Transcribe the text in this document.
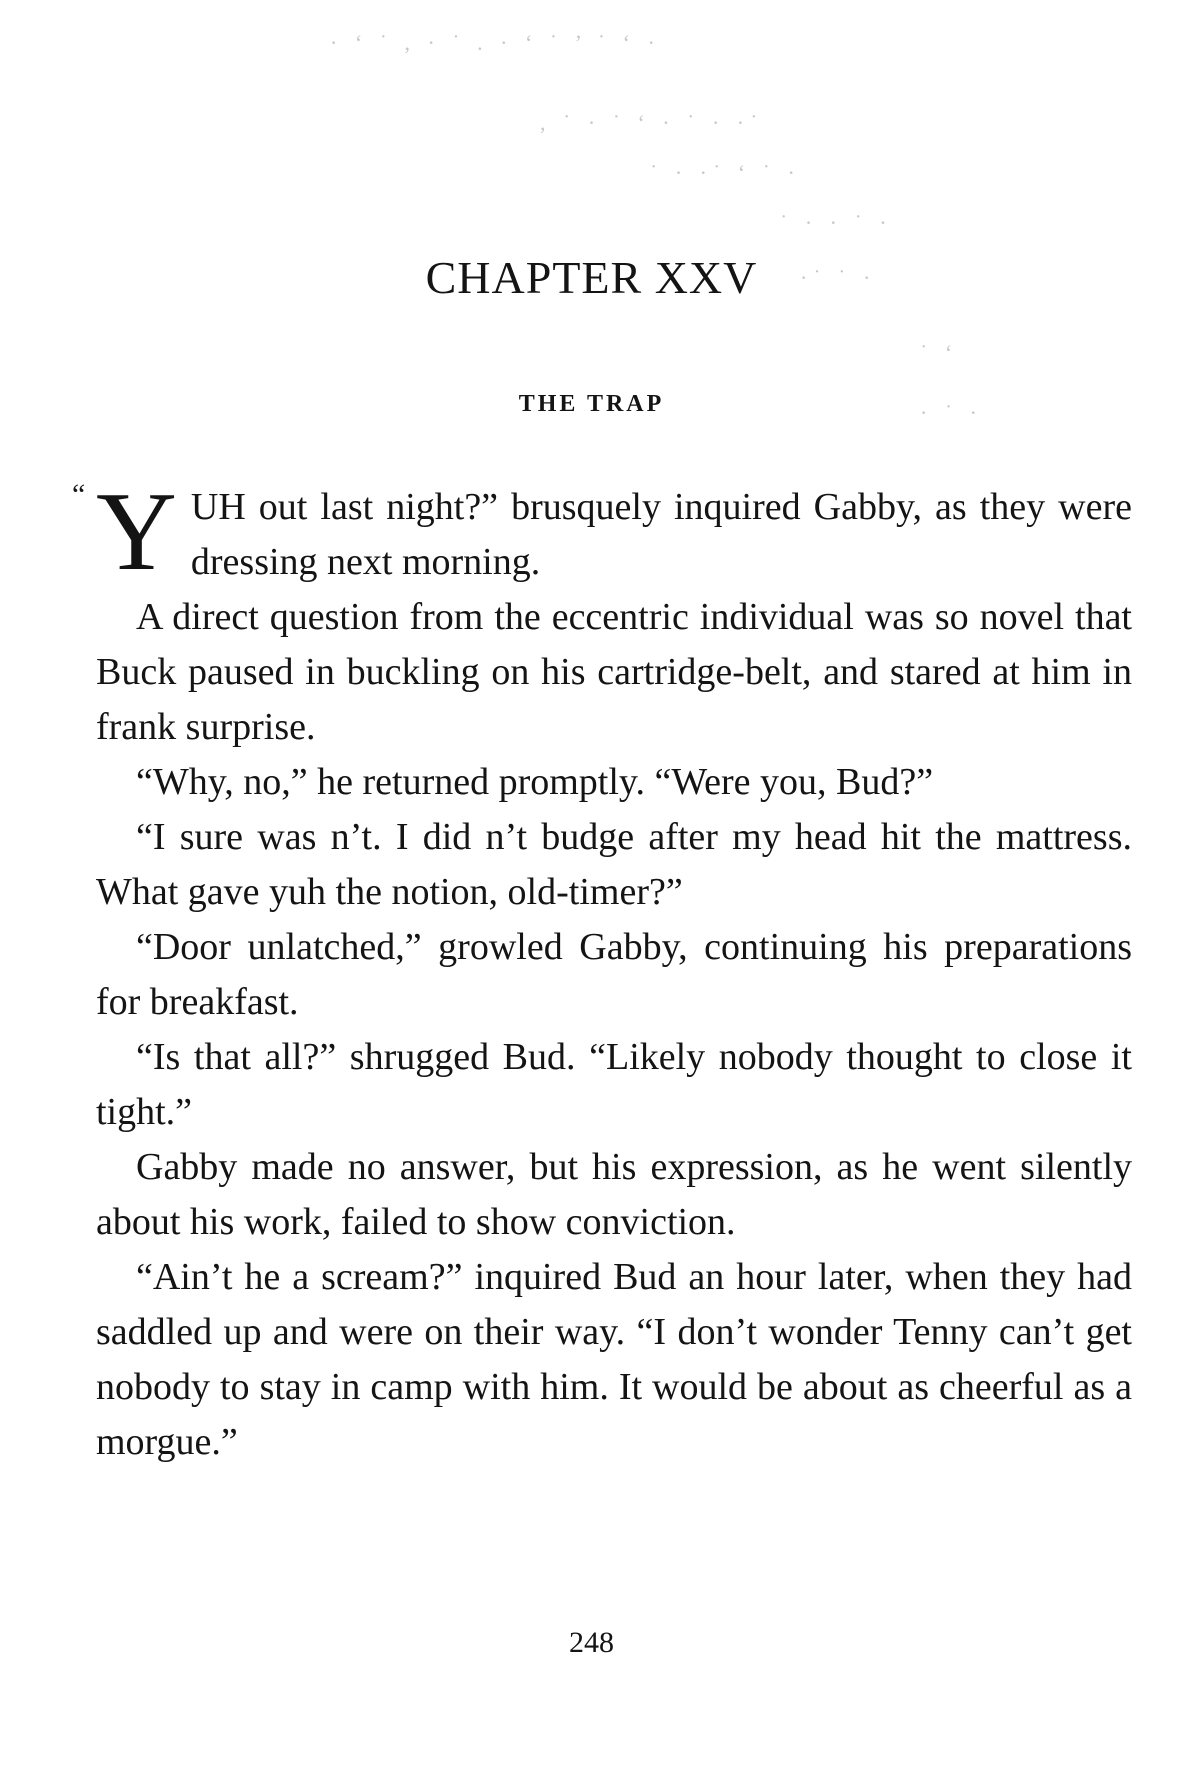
· ‘ ˙ , · ˙ . · ‘ ˙ ’ ˙ ‘ ·
, ˙ · ˙ ‘ · ˙ · ·˙
˙ · ·˙ ‘ ˙ ·
˙ · · ˙ ·
·˙ ˙ ·
˙ ‘
· ˙ ·
CHAPTER XXV
THE TRAP
“ YUH out last night?” brusquely inquired Gabby, as they were dressing next morning.

A direct question from the eccentric individual was so novel that Buck paused in buckling on his cartridge-belt, and stared at him in frank surprise.

“Why, no,” he returned promptly. “Were you, Bud?”

“I sure was n’t. I did n’t budge after my head hit the mattress. What gave yuh the notion, old-timer?”

“Door unlatched,” growled Gabby, continuing his preparations for breakfast.

“Is that all?” shrugged Bud. “Likely nobody thought to close it tight.”

Gabby made no answer, but his expression, as he went silently about his work, failed to show conviction.

“Ain’t he a scream?” inquired Bud an hour later, when they had saddled up and were on their way. “I don’t wonder Tenny can’t get nobody to stay in camp with him. It would be about as cheerful as a morgue.”

248
